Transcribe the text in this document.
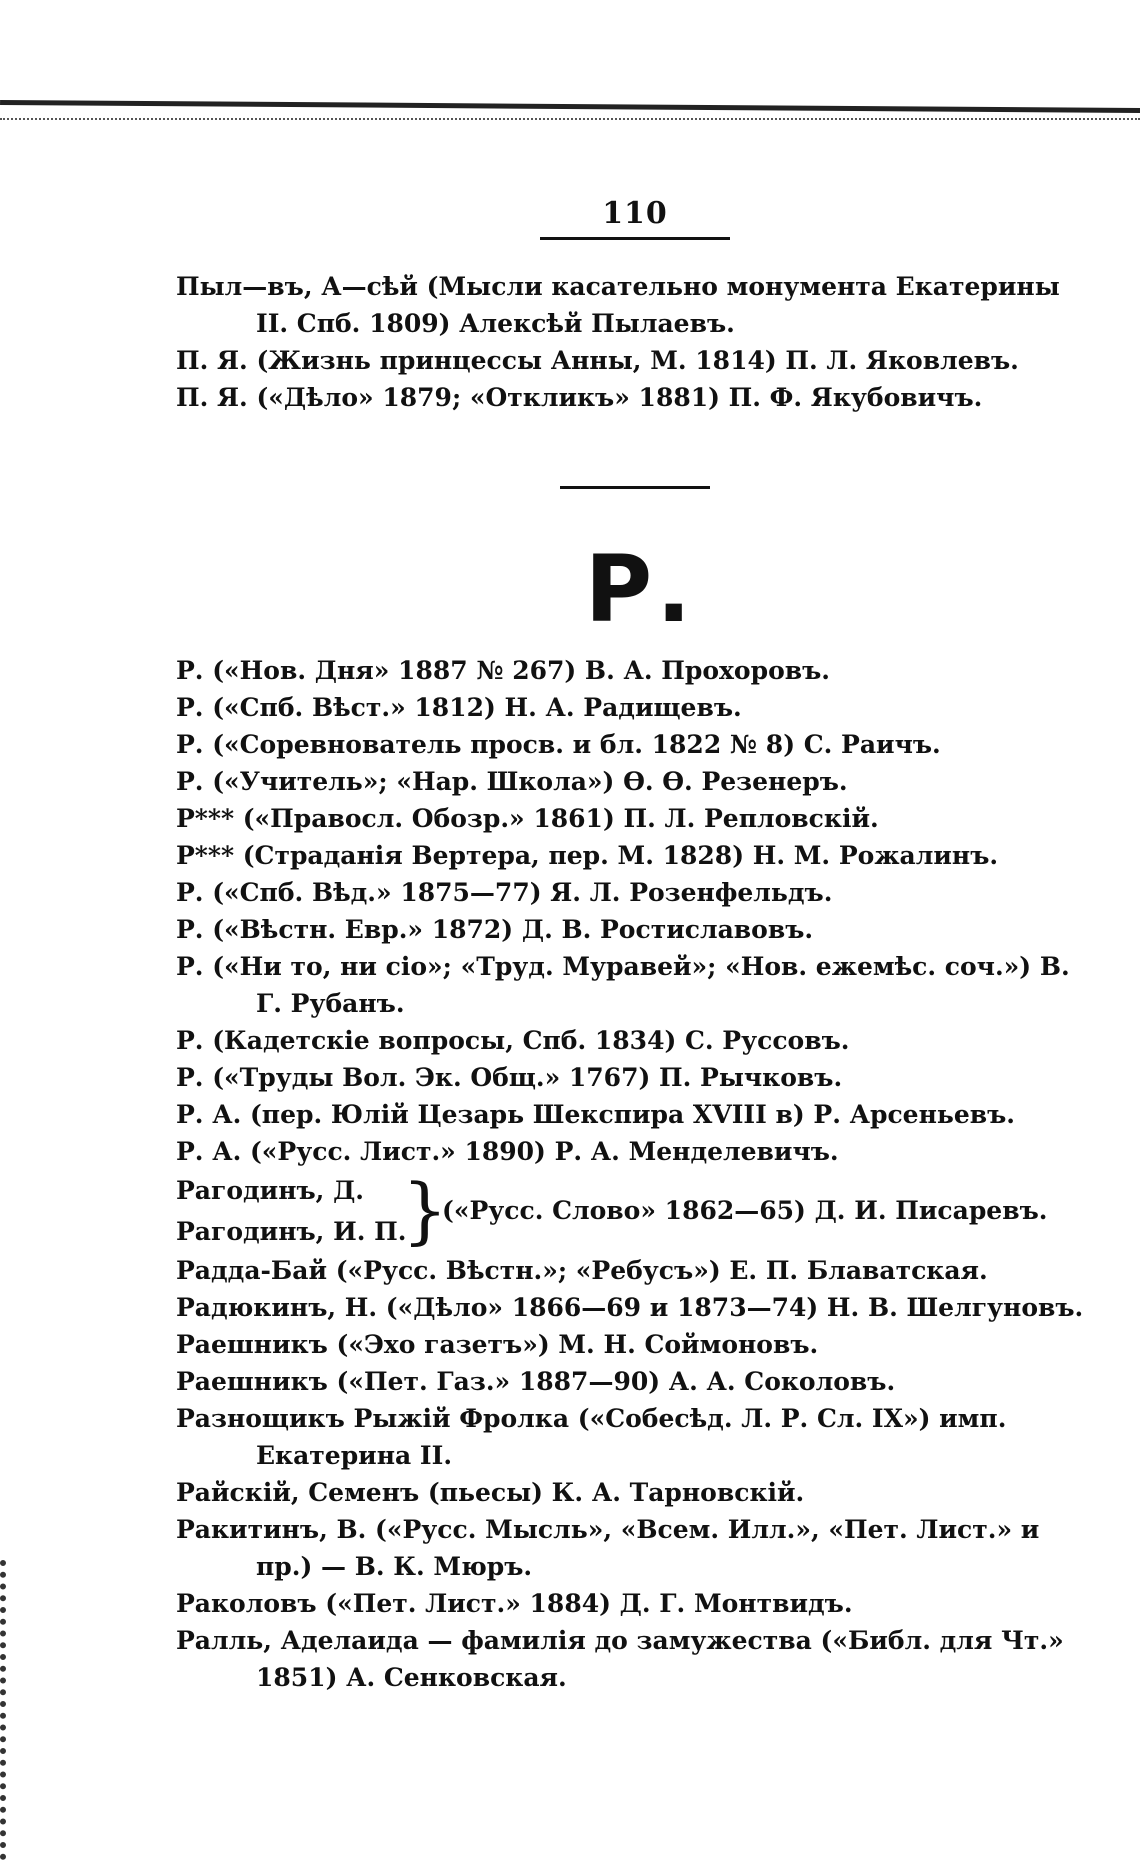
110
Пыл—въ, А—сѣй (Мысли касательно монумента Екатерины II. Спб. 1809) Алексѣй Пылаевъ.
П. Я. (Жизнь принцессы Анны, М. 1814) П. Л. Яковлевъ.
П. Я. («Дѣло» 1879; «Откликъ» 1881) П. Ф. Якубовичъ.
Р.
Р. («Нов. Дня» 1887 № 267) В. А. Прохоровъ.
Р. («Спб. Вѣст.» 1812) Н. А. Радищевъ.
Р. («Соревнователь просв. и бл. 1822 № 8) С. Раичъ.
Р. («Учитель»; «Нар. Школа») Ѳ. Ѳ. Резенеръ.
Р*** («Правосл. Обозр.» 1861) П. Л. Репловскій.
Р*** (Страданія Вертера, пер. М. 1828) Н. М. Рожалинъ.
Р. («Спб. Вѣд.» 1875—77) Я. Л. Розенфельдъ.
Р. («Вѣстн. Евр.» 1872) Д. В. Ростиславовъ.
Р. («Ни то, ни сіо»; «Труд. Муравей»; «Нов. ежемѣс. соч.») В. Г. Рубанъ.
Р. (Кадетскіе вопросы, Спб. 1834) С. Руссовъ.
Р. («Труды Вол. Эк. Общ.» 1767) П. Рычковъ.
Р. А. (пер. Юлій Цезарь Шекспира XVIII в) Р. Арсеньевъ.
Р. А. («Русс. Лист.» 1890) Р. А. Менделевичъ.
Рагодинъ, Д.
Рагодинъ, И. П.
}
(«Русс. Слово» 1862—65) Д. И. Писаревъ.
Радда-Бай («Русс. Вѣстн.»; «Ребусъ») Е. П. Блаватская.
Радюкинъ, Н. («Дѣло» 1866—69 и 1873—74) Н. В. Шелгуновъ.
Раешникъ («Эхо газетъ») М. Н. Соймоновъ.
Раешникъ («Пет. Газ.» 1887—90) А. А. Соколовъ.
Разнощикъ Рыжій Фролка («Собесѣд. Л. Р. Сл. IX») имп. Екатерина II.
Райскій, Семенъ (пьесы) К. А. Тарновскій.
Ракитинъ, В. («Русс. Мысль», «Всем. Илл.», «Пет. Лист.» и пр.) — В. К. Мюръ.
Раколовъ («Пет. Лист.» 1884) Д. Г. Монтвидъ.
Ралль, Аделаида — фамилія до замужества («Библ. для Чт.» 1851) А. Сенковская.
